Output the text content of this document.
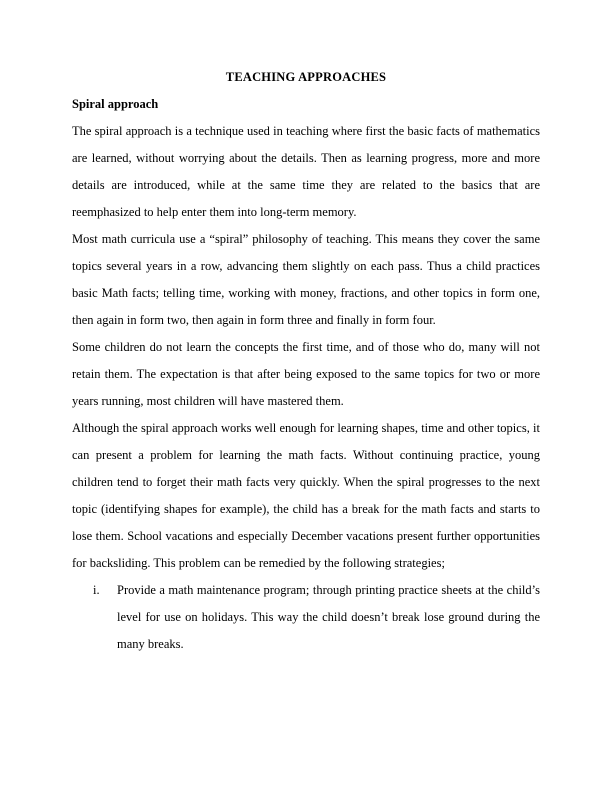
TEACHING APPROACHES
Spiral approach

The spiral approach is a technique used in teaching where first the basic facts of mathematics are learned, without worrying about the details. Then as learning progress, more and more details are introduced, while at the same time they are related to the basics that are reemphasized to help enter them into long-term memory.

Most math curricula use a “spiral” philosophy of teaching. This means they cover the same topics several years in a row, advancing them slightly on each pass. Thus a child practices basic Math facts; telling time, working with money, fractions, and other topics in form one, then again in form two, then again in form three and finally in form four.

Some children do not learn the concepts the first time, and of those who do, many will not retain them. The expectation is that after being exposed to the same topics for two or more years running, most children will have mastered them.

Although the spiral approach works well enough for learning shapes, time and other topics, it can present a problem for learning the math facts. Without continuing practice, young children tend to forget their math facts very quickly. When the spiral progresses to the next topic (identifying shapes for example), the child has a break for the math facts and starts to lose them. School vacations and especially December vacations present further opportunities for backsliding. This problem can be remedied by the following strategies;

i.	Provide a math maintenance program; through printing practice sheets at the child’s level for use on holidays. This way the child doesn’t break lose ground during the many breaks.
